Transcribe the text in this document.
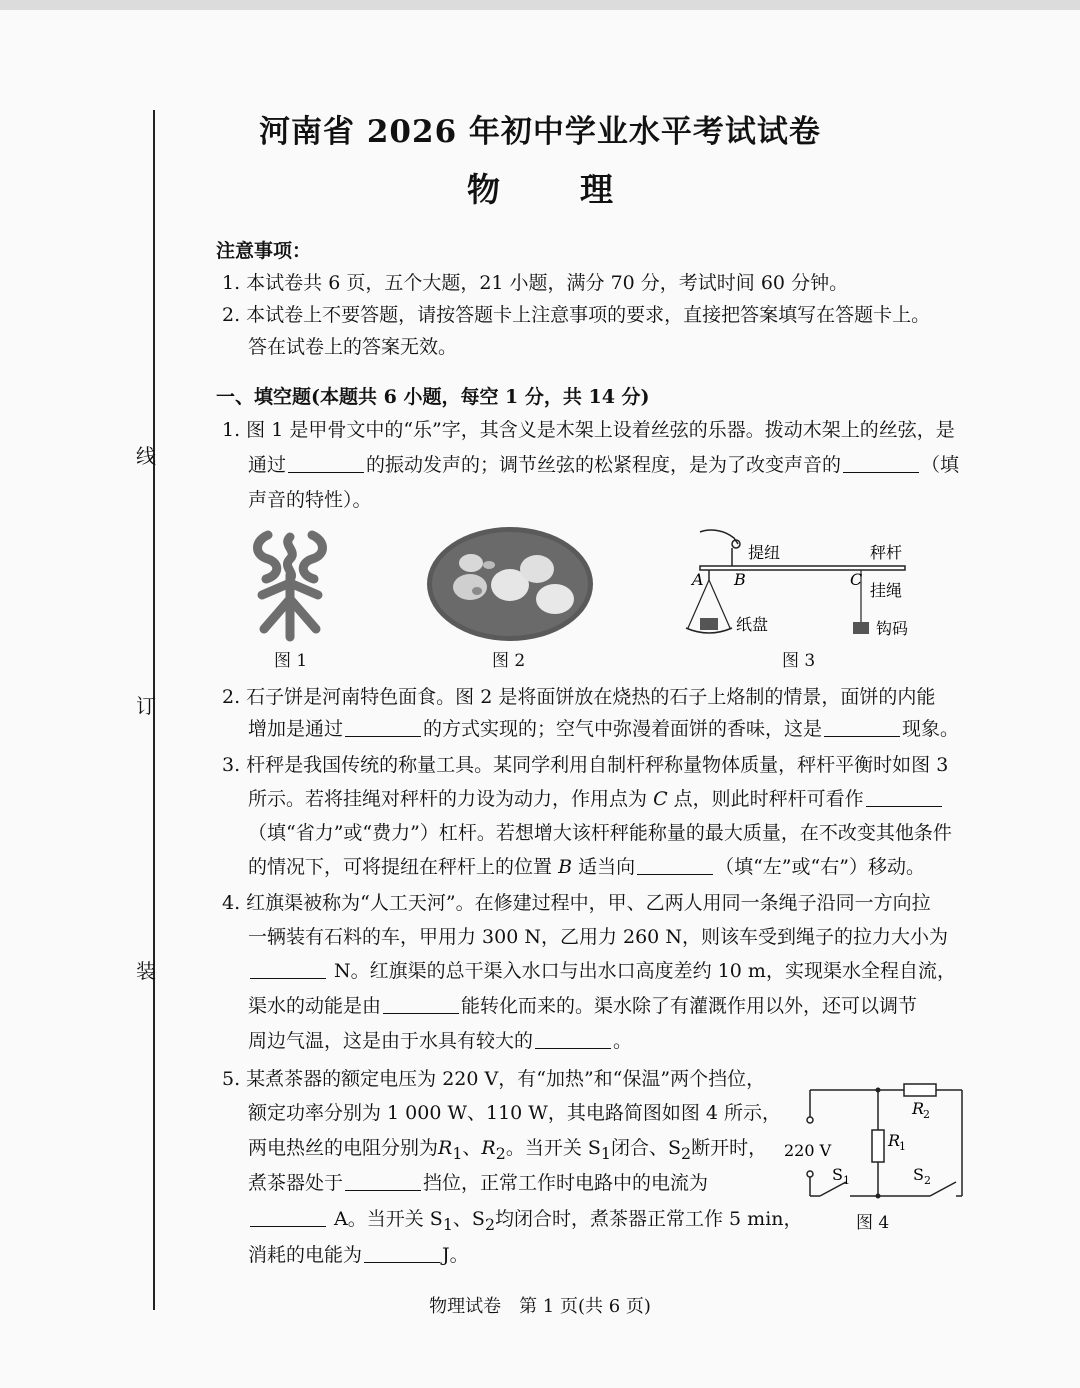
线
订
装
河南省 2026 年初中学业水平考试试卷
物理
注意事项：
1. 本试卷共 6 页，五个大题，21 小题，满分 70 分，考试时间 60 分钟。
2. 本试卷上不要答题，请按答题卡上注意事项的要求，直接把答案填写在答题卡上。
答在试卷上的答案无效。
一、填空题(本题共 6 小题，每空 1 分，共 14 分)
1. 图 1 是甲骨文中的“乐”字，其含义是木架上设着丝弦的乐器。拨动木架上的丝弦，是
通过	的振动发声的；调节丝弦的松紧程度，是为了改变声音的	（填
声音的特性）。
图 1	图 2
提纽	秤杆
A B	C
挂绳
纸盘	钩码
图 3
2. 石子饼是河南特色面食。图 2 是将面饼放在烧热的石子上烙制的情景，面饼的内能
增加是通过	的方式实现的；空气中弥漫着面饼的香味，这是	现象。
3. 杆秤是我国传统的称量工具。某同学利用自制杆秤称量物体质量，秤杆平衡时如图 3
所示。若将挂绳对秤杆的力设为动力，作用点为 C 点，则此时秤杆可看作
（填“省力”或“费力”）杠杆。若想增大该杆秤能称量的最大质量，在不改变其他条件
的情况下，可将提纽在秤杆上的位置 B 适当向	（填“左”或“右”）移动。
4. 红旗渠被称为“人工天河”。在修建过程中，甲、乙两人用同一条绳子沿同一方向拉
一辆装有石料的车，甲用力 300 N，乙用力 260 N，则该车受到绳子的拉力大小为
N。红旗渠的总干渠入水口与出水口高度差约 10 m，实现渠水全程自流，
渠水的动能是由	能转化而来的。渠水除了有灌溉作用以外，还可以调节
周边气温，这是由于水具有较大的	。
5. 某煮茶器的额定电压为 220 V，有“加热”和“保温”两个挡位，
额定功率分别为 1 000 W、110 W，其电路简图如图 4 所示，
两电热丝的电阻分别为$R_1$、$R_2$。当开关 $S_1$闭合、$S_2$断开时，
煮茶器处于	挡位，正常工作时电路中的电流为
A。当开关 $S_1$、$S_2$均闭合时，煮茶器正常工作 5 min，
消耗的电能为	J。
220 V
R
2
R
1
S 1	S 2
图 4
物理试卷　第 1 页(共 6 页)
